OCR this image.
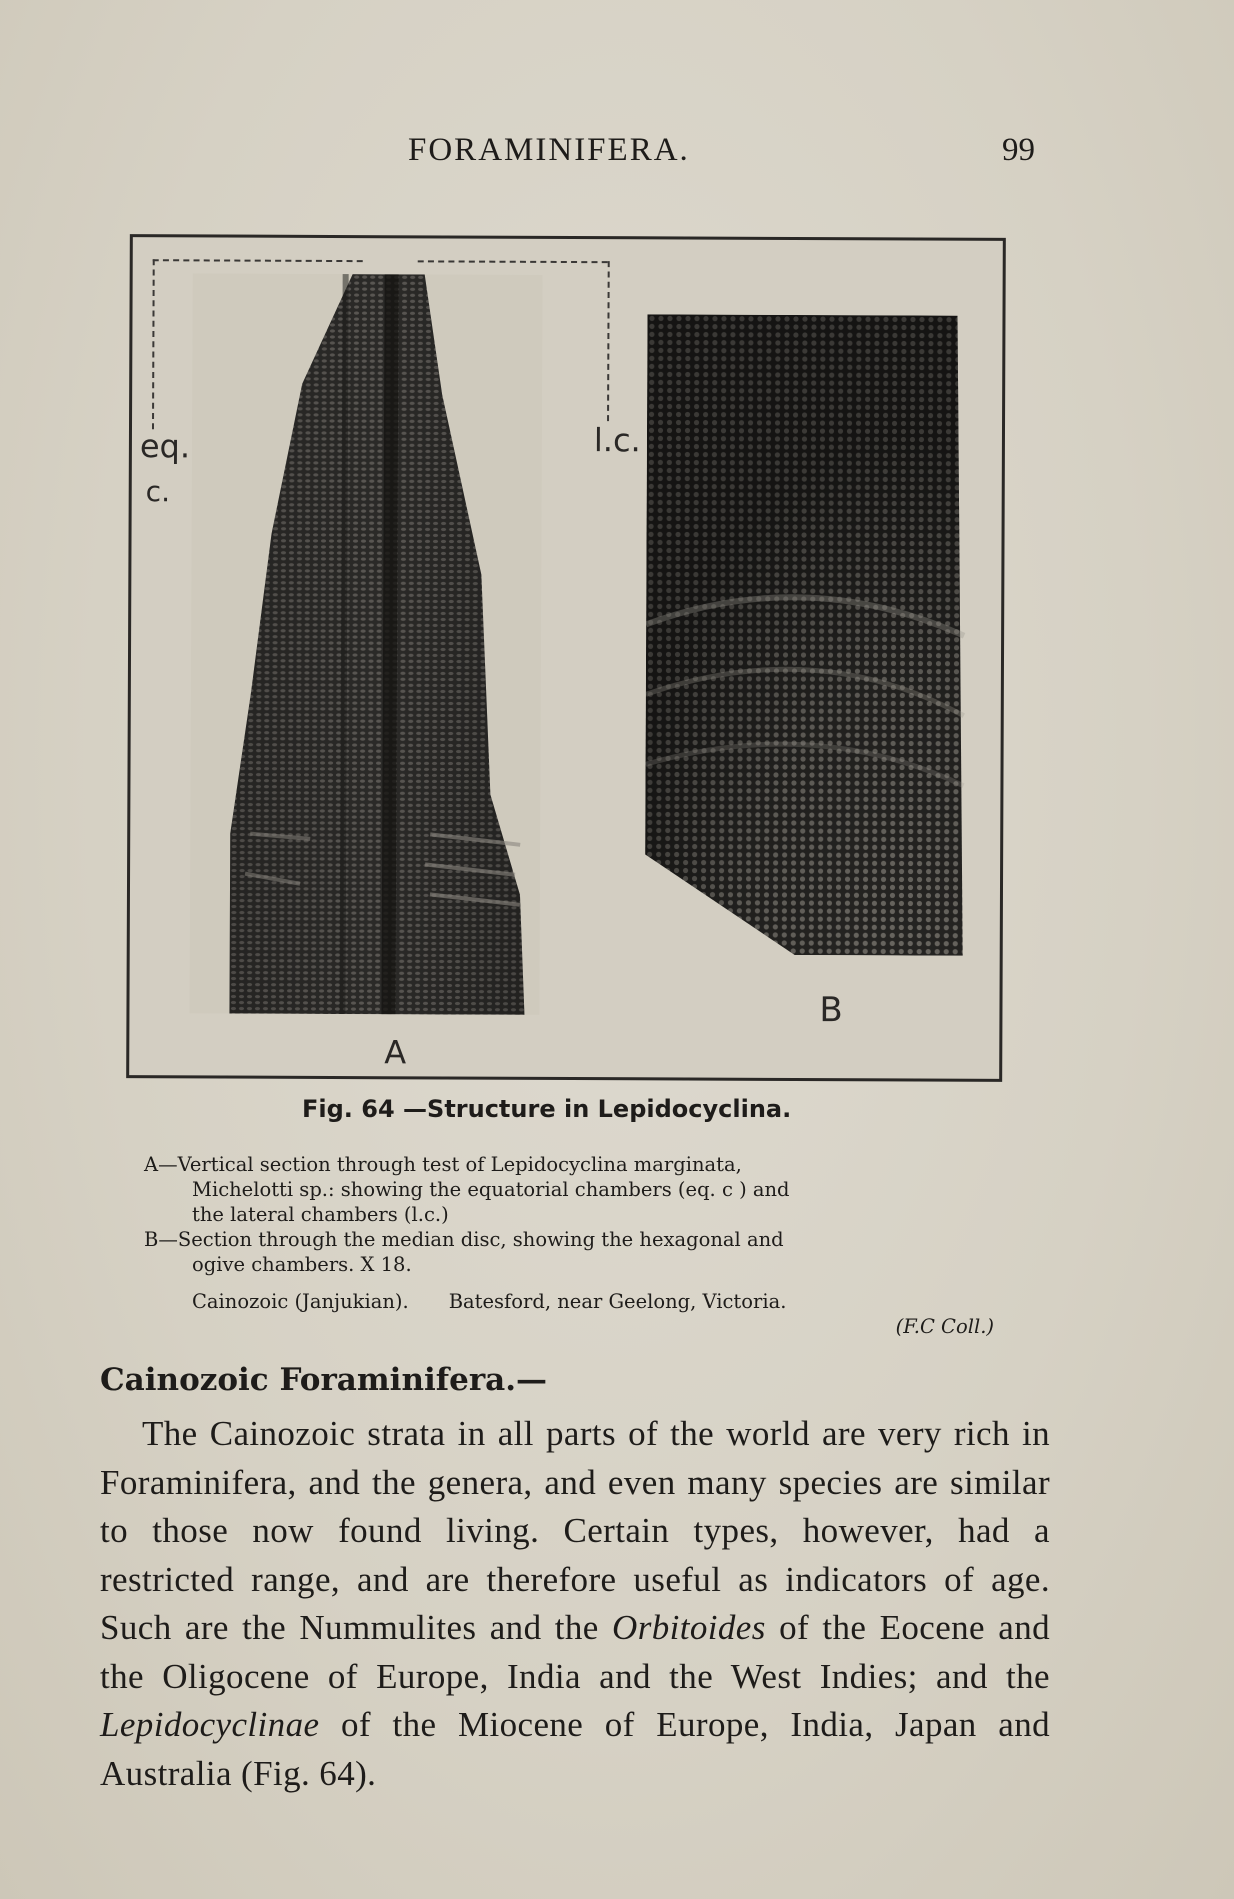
FORAMINIFERA.	99
eq.
c.
l.c.
A
B
Fig. 64 —Structure in Lepidocyclina.

A—Vertical section through test of Lepidocyclina marginata,

Michelotti sp.: showing the equatorial chambers (eq. c ) and

the lateral chambers (l.c.)

B—Section through the median disc, showing the hexagonal and

ogive chambers. X 18.

Cainozoic (Janjukian). Batesford, near Geelong, Victoria.

(F.C Coll.)

Cainozoic Foraminifera.—

The Cainozoic strata in all parts of the world are very rich in Foraminifera, and the genera, and even many species are similar to those now found living. Certain types, however, had a restricted range, and are therefore useful as indicators of age. Such are the Nummulites and the Orbitoides of the Eocene and the Oligocene of Europe, India and the West Indies; and the Lepidocyclinae of the Miocene of Europe, India, Japan and Australia (Fig. 64).
